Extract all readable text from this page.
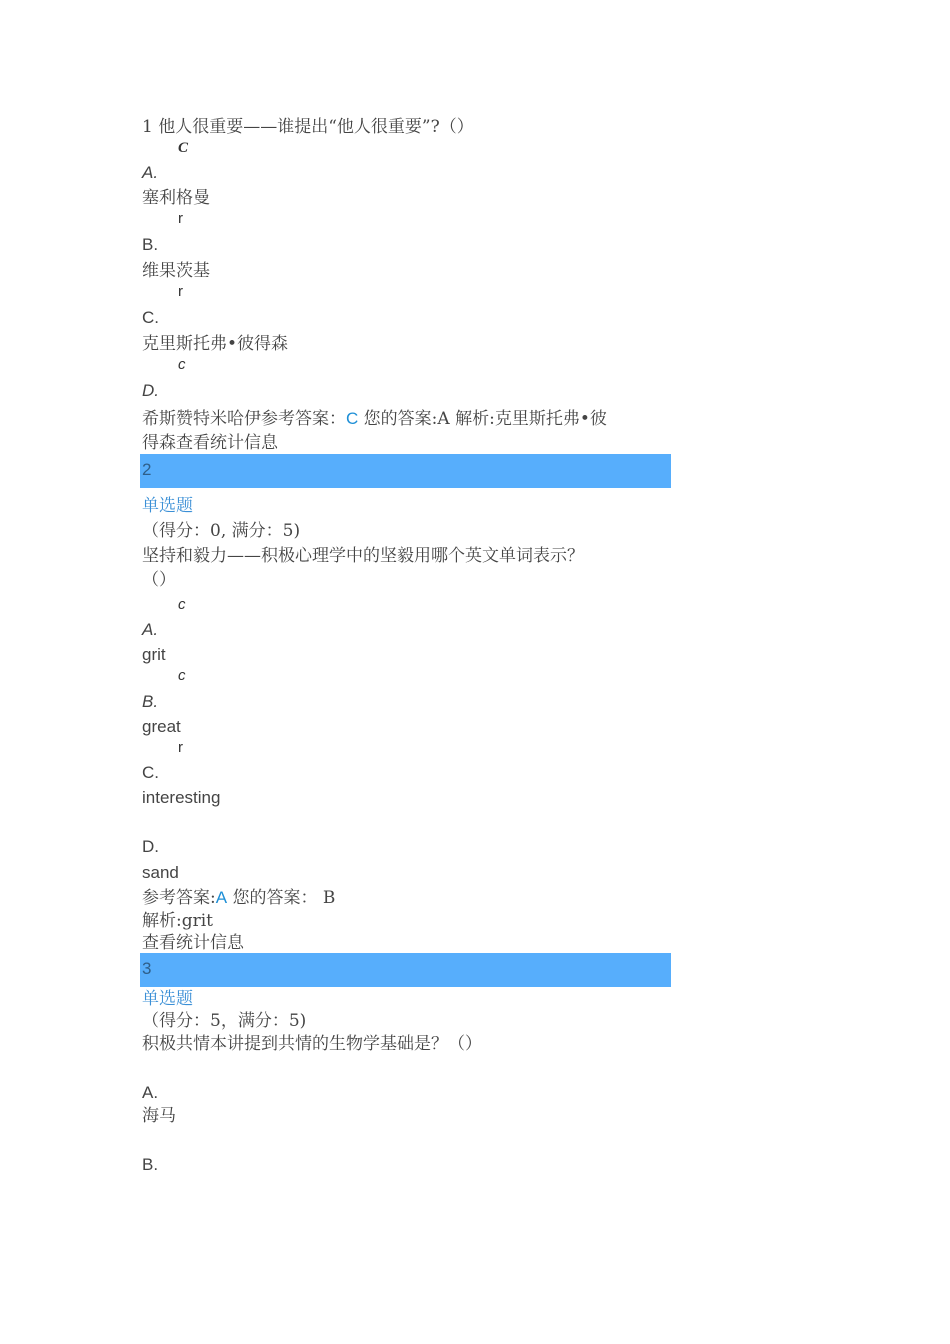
1 他人很重要——谁提出“他人很重要”?（）
C
A.
塞利格曼
r
B.
维果茨基
r
C.
克里斯托弗•彼得森
c
D.
希斯赞特米哈伊参考答案：C 您的答案:A 解析:克里斯托弗•彼
得森查看统计信息
2
单选题
（得分：0, 满分：5)
坚持和毅力——积极心理学中的坚毅用哪个英文单词表示？
（）
c
A.
grit
c
B.
great
r
C.
interesting
D.
sand
参考答案:A 您的答案： B
解析:grit
查看统计信息
3
单选题
（得分：5，满分：5)
积极共情本讲提到共情的生物学基础是？（）
A.
海马
B.
